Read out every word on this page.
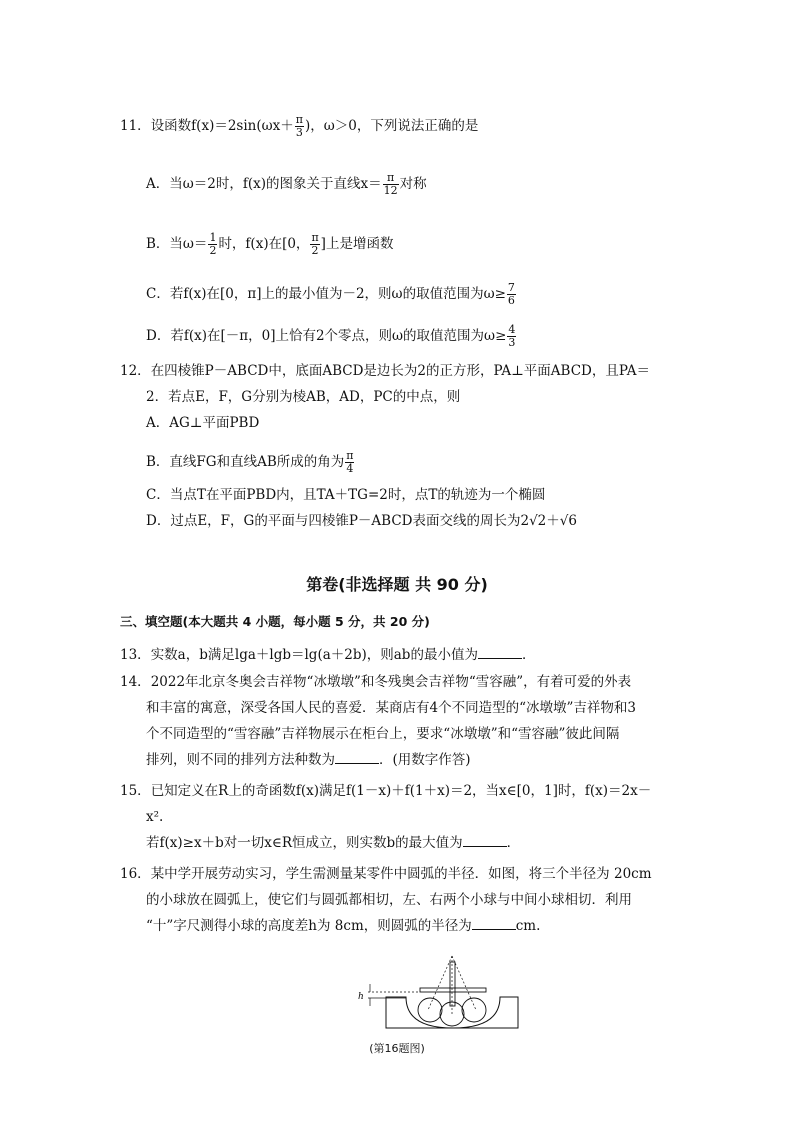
11．设函数$f(x)=2\sin(\omega x+ \frac{\pi}{3}$ )，ω＞0，下列说法正确的是
A．当ω＝2时，f(x)的图象关于直线$x= \frac{\pi}{12}$ 对称
B．当$\omega= \frac{1}{2}$ 时，f(x)在[0， $\frac{\pi}{2}$ ]上是增函数
C．若f(x)在[0，π]上的最小值为－2，则ω的取值范围为$\omega\ge \frac{7}{6}$
D．若f(x)在[－π，0]上恰有2个零点，则ω的取值范围为$\omega\ge \frac{4}{3}$
12．在四棱锥P－ABCD中，底面ABCD是边长为2的正方形，PA⊥平面ABCD，且PA＝
2．若点E，F，G分别为棱AB，AD，PC的中点，则
A．AG⊥平面PBD
B．直线FG和直线AB所成的角为 $\frac{\pi}{4}$
C．当点T在平面PBD内，且TA＋TG=2时，点T的轨迹为一个椭圆
D．过点E，F，G的平面与四棱锥P－ABCD表面交线的周长为2√2＋√6
第卷(非选择题 共 90 分)
三、填空题(本大题共 4 小题，每小题 5 分，共 20 分)
13．实数a，b满足lga＋lgb＝lg(a＋2b)，则ab的最小值为	．
14．2022年北京冬奥会吉祥物“冰墩墩”和冬残奥会吉祥物“雪容融”，有着可爱的外表
和丰富的寓意，深受各国人民的喜爱．某商店有4个不同造型的“冰墩墩”吉祥物和3
个不同造型的“雪容融”吉祥物展示在柜台上，要求“冰墩墩”和“雪容融”彼此间隔
排列，则不同的排列方法种数为	．(用数字作答)
15．已知定义在R上的奇函数f(x)满足f(1－x)＋f(1＋x)＝2，当x∈[0，1]时，f(x)＝2x－
x².
若f(x)≥x＋b对一切x∈R恒成立，则实数b的最大值为	．
16．某中学开展劳动实习，学生需测量某零件中圆弧的半径．如图，将三个半径为 20cm
的小球放在圆弧上，使它们与圆弧都相切，左、右两个小球与中间小球相切．利用
“十”字尺测得小球的高度差h为 8cm，则圆弧的半径为	cm.
h
(第16题图)
